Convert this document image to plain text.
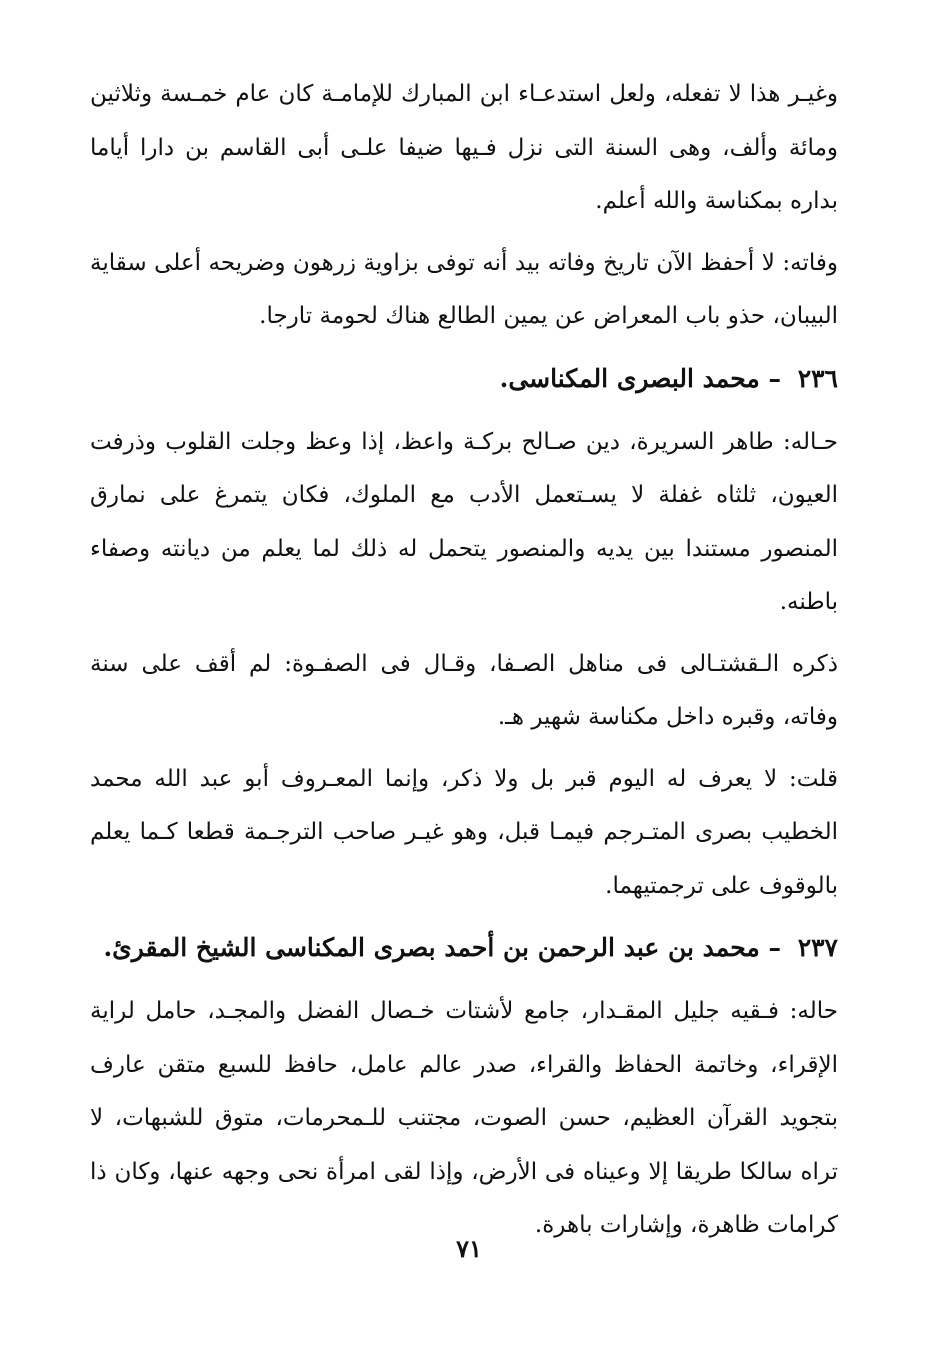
وغيـر هذا لا تفعله، ولعل استدعـاء ابن المبارك للإمامـة كان عام خمـسة وثلاثين ومائة وألف، وهى السنة التى نزل فـيها ضيفا علـى أبى القاسم بن دارا أياما بداره بمكناسة والله أعلم.

وفاته: لا أحفظ الآن تاريخ وفاته بيد أنه توفى بزاوية زرهون وضريحه أعلى سقاية البيبان، حذو باب المعراض عن يمين الطالع هناك لحومة تارجا.

٢٣٦ – محمد البصرى المكناسى.

حـاله: طاهر السريرة، دين صـالح بركـة واعظ، إذا وعظ وجلت القلوب وذرفت العيون، ثلثاه غفلة لا يسـتعمل الأدب مع الملوك، فكان يتمرغ على نمارق المنصور مستندا بين يديه والمنصور يتحمل له ذلك لما يعلم من ديانته وصفاء باطنه.

ذكره الـقشتـالى فى مناهل الصـفا، وقـال فى الصفـوة: لم أقف على سنة وفاته، وقبره داخل مكناسة شهير هـ.

قلت: لا يعرف له اليوم قبر بل ولا ذكر، وإنما المعـروف أبو عبد الله محمد الخطيب بصرى المتـرجم فيمـا قبل، وهو غيـر صاحب الترجـمة قطعا كـما يعلم بالوقوف على ترجمتيهما.

٢٣٧ – محمد بن عبد الرحمن بن أحمد بصرى المكناسى الشيخ المقرئ.

حاله: فـقيه جليل المقـدار، جامع لأشتات خـصال الفضل والمجـد، حامل لراية الإقراء، وخاتمة الحفاظ والقراء، صدر عالم عامل، حافظ للسبع متقن عارف بتجويد القرآن العظيم، حسن الصوت، مجتنب للـمحرمات، متوق للشبهات، لا تراه سالكا طريقا إلا وعيناه فى الأرض، وإذا لقى امرأة نحى وجهه عنها، وكان ذا كرامات ظاهرة، وإشارات باهرة.

٧١
